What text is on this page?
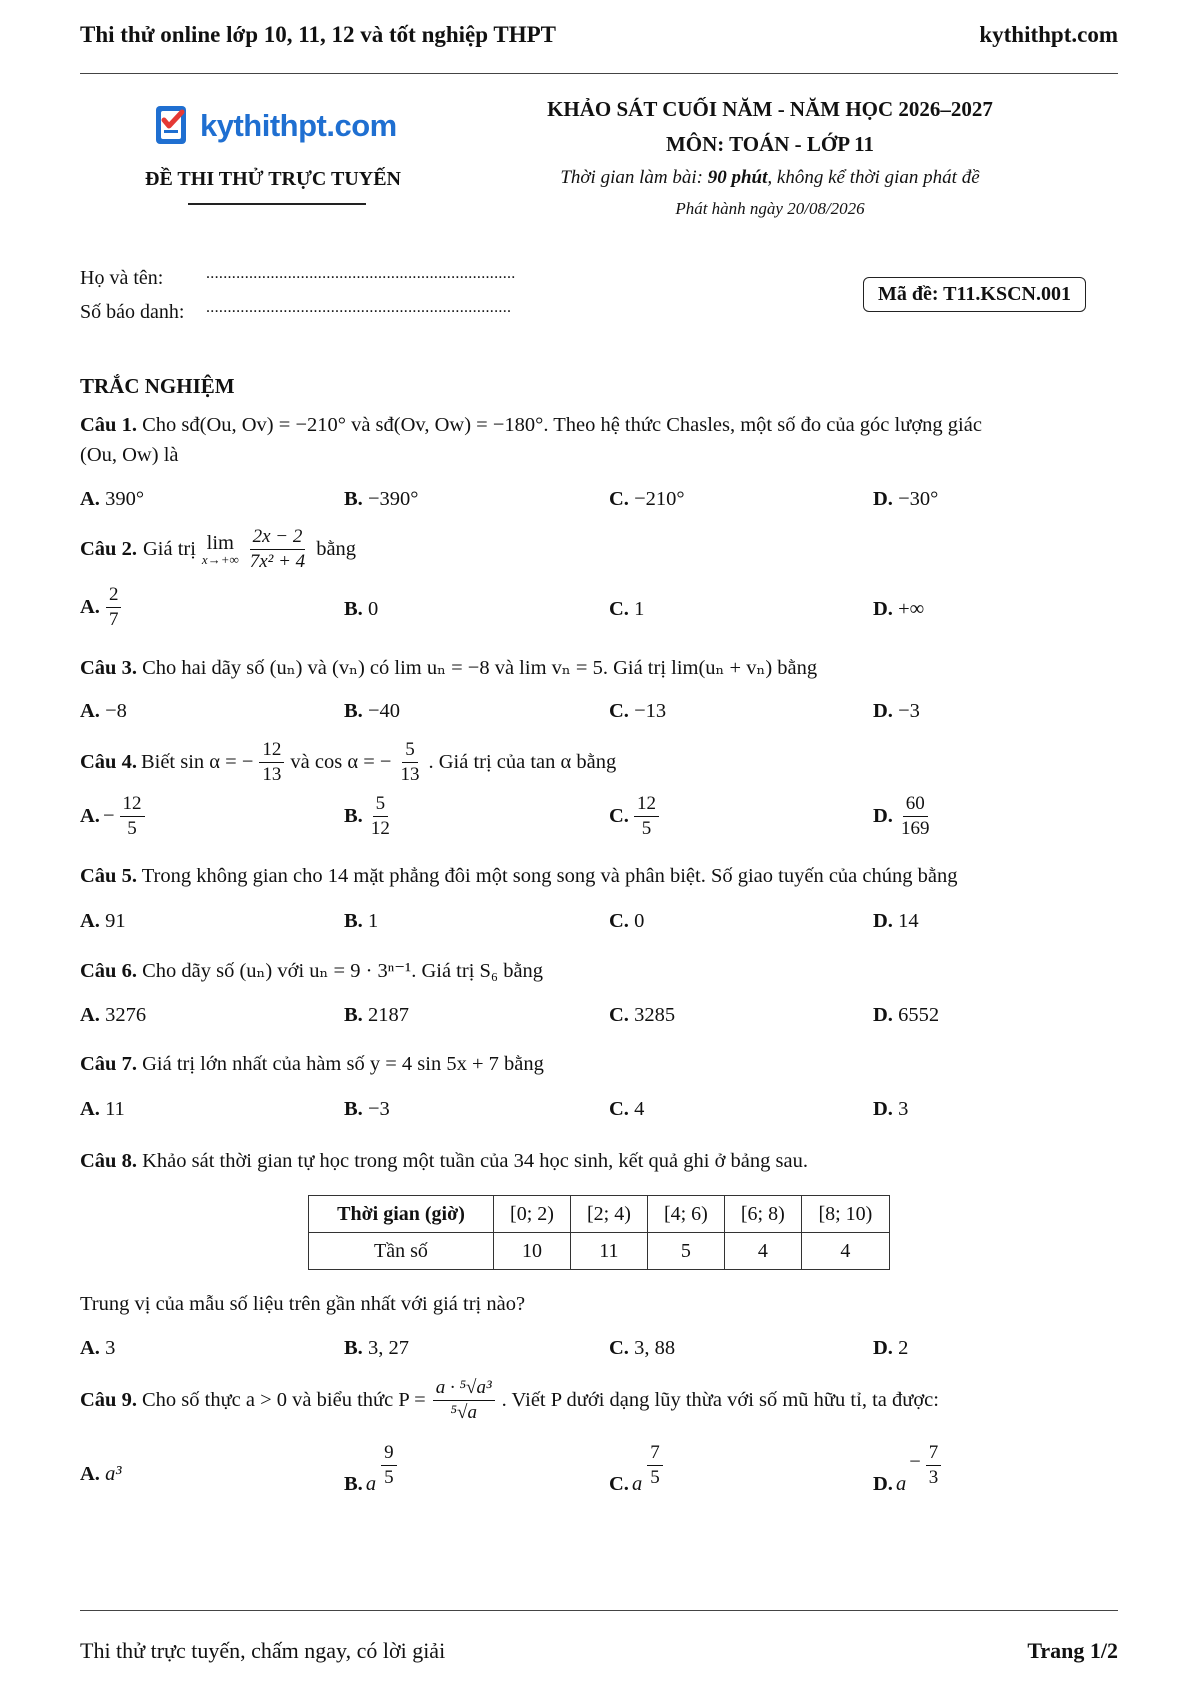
Thi thử online lớp 10, 11, 12 và tốt nghiệp THPT	kythithpt.com
kythithpt.com
ĐỀ THI THỬ TRỰC TUYẾN
KHẢO SÁT CUỐI NĂM - NĂM HỌC 2026–2027
MÔN: TOÁN - LỚP 11
Thời gian làm bài: 90 phút, không kể thời gian phát đề
Phát hành ngày 20/08/2026
Họ và tên:	........................................................................
Số báo danh: .......................................................................
Mã đề: T11.KSCN.001
TRẮC NGHIỆM
Câu 1. Cho sđ(Ou, Ov) = −210° và sđ(Ov, Ow) = −180°. Theo hệ thức Chasles, một số đo của góc lượng giác
(Ou, Ow) là
A. 390°	B. −390°	C. −210°	D. −30°
Câu 2. Giá trị lim
$x\to+\infty \frac{2x - 2}{\text{7x² + 4}}$ bằng
A. $\frac{2}{7}$	B. 0	C. 1	D. +∞
Câu 3. Cho hai dãy số (uₙ) và (vₙ) có lim uₙ = −8 và lim vₙ = 5. Giá trị lim(uₙ + vₙ) bằng
A. −8	B. −40	C. −13	D. −3
Câu 4. Biết sin α = − $\frac{12}{13}$ và cos α = − $\frac{5}{13}$ . Giá trị của tan α bằng
A. − $\frac{12}{5}$	B. $\frac{5}{12}$	C. $\frac{12}{5}$	D. $\frac{60}{169}$
Câu 5. Trong không gian cho 14 mặt phẳng đôi một song song và phân biệt. Số giao tuyến của chúng bằng
A. 91	B. 1	C. 0	D. 14
Câu 6. Cho dãy số (uₙ) với uₙ = 9 · 3ⁿ⁻¹. Giá trị S₆ bằng
A. 3276	B. 2187	C. 3285	D. 6552
Câu 7. Giá trị lớn nhất của hàm số y = 4 sin 5x + 7 bằng
A. 11	B. −3	C. 4	D. 3
Câu 8. Khảo sát thời gian tự học trong một tuần của 34 học sinh, kết quả ghi ở bảng sau.
Thời gian (giờ)	[0; 2)	[2; 4)	[4; 6)	[6; 8)	[8; 10)
Tần số	10	11	5	4	4
Trung vị của mẫu số liệu trên gần nhất với giá trị nào?
A. 3	B. 3, 27	C. 3, 88	D. 2
Câu 9. Cho số thực a > 0 và biểu thức $P = \frac{\text{a · ⁵√a³}}{\text{⁵√a}}$ . Viết P dưới dạng lũy thừa với số mũ hữu tỉ, ta được:
A. a³	B. a $\frac{9}{5}$	C. a $\frac{7}{5}$	D. a
− $\frac{7}{3}$
Thi thử trực tuyến, chấm ngay, có lời giải	Trang 1/2
